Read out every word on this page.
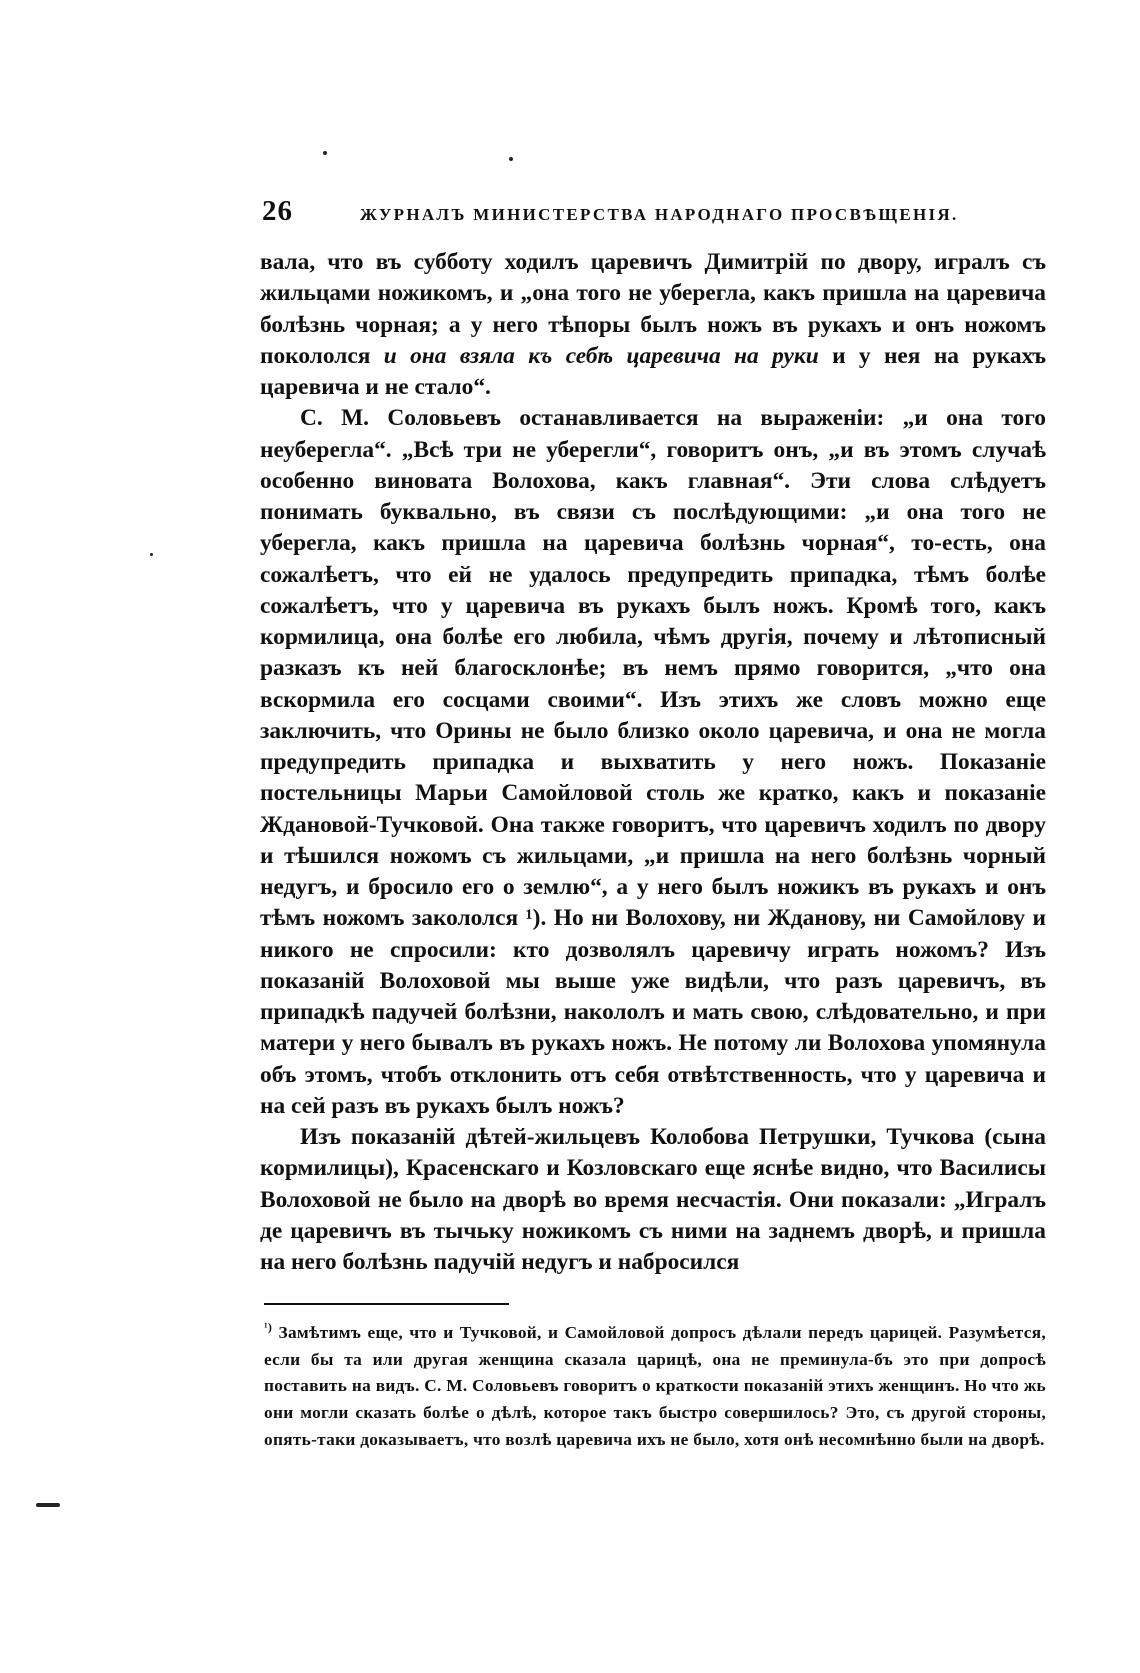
26	ЖУРНАЛЪ МИНИСТЕРСТВА НАРОДНАГО ПРОСВѢЩЕНІЯ.

вала, что въ субботу ходилъ царевичъ Димитрій по двору, игралъ съ жильцами ножикомъ, и „она того не уберегла, какъ пришла на царевича болѣзнь чорная; а у него тѣпоры былъ ножъ въ рукахъ и онъ ножомъ покололся и она взяла къ себѣ царевича на руки и у нея на рукахъ царевича и не стало“.

С. М. Соловьевъ останавливается на выраженіи: „и она того неуберегла“. „Всѣ три не уберегли“, говоритъ онъ, „и въ этомъ случаѣ особенно виновата Волохова, какъ главная“. Эти слова слѣдуетъ понимать буквально, въ связи съ послѣдующими: „и она того не уберегла, какъ пришла на царевича болѣзнь чорная“, то-есть, она сожалѣетъ, что ей не удалось предупредить припадка, тѣмъ болѣе сожалѣетъ, что у царевича въ рукахъ былъ ножъ. Кромѣ того, какъ кормилица, она болѣе его любила, чѣмъ другія, почему и лѣтописный разказъ къ ней благосклонѣе; въ немъ прямо говорится, „что она вскормила его сосцами своими“. Изъ этихъ же словъ можно еще заключить, что Орины не было близко около царевича, и она не могла предупредить припадка и выхватить у него ножъ. Показаніе постельницы Марьи Самойловой столь же кратко, какъ и показаніе Ждановой-Тучковой. Она также говоритъ, что царевичъ ходилъ по двору и тѣшился ножомъ съ жильцами, „и пришла на него болѣзнь чорный недугъ, и бросило его о землю“, а у него былъ ножикъ въ рукахъ и онъ тѣмъ ножомъ закололся ¹). Но ни Волохову, ни Жданову, ни Самойлову и никого не спросили: кто дозволялъ царевичу играть ножомъ? Изъ показаній Волоховой мы выше уже видѣли, что разъ царевичъ, въ припадкѣ падучей болѣзни, накололъ и мать свою, слѣдовательно, и при матери у него бывалъ въ рукахъ ножъ. Не потому ли Волохова упомянула объ этомъ, чтобъ отклонить отъ себя отвѣтственность, что у царевича и на сей разъ въ рукахъ былъ ножъ?

Изъ показаній дѣтей-жильцевъ Колобова Петрушки, Тучкова (сына кормилицы), Красенскаго и Козловскаго еще яснѣе видно, что Василисы Волоховой не было на дворѣ во время несчастія. Они показали: „Игралъ де царевичъ въ тычьку ножикомъ съ ними на заднемъ дворѣ, и пришла на него болѣзнь падучій недугъ и набросился

$^{^1)}$ Замѣтимъ еще, что и Тучковой, и Самойловой допросъ дѣлали передъ царицей. Разумѣется, если бы та или другая женщина сказала царицѣ, она не преминула-бъ это при допросѣ поставить на видъ. С. М. Соловьевъ говоритъ о краткости показаній этихъ женщинъ. Но что жь они могли сказать болѣе о дѣлѣ, которое такъ быстро совершилось? Это, съ другой стороны, опять-таки доказываетъ, что возлѣ царевича ихъ не было, хотя онѣ несомнѣнно были на дворѣ.
